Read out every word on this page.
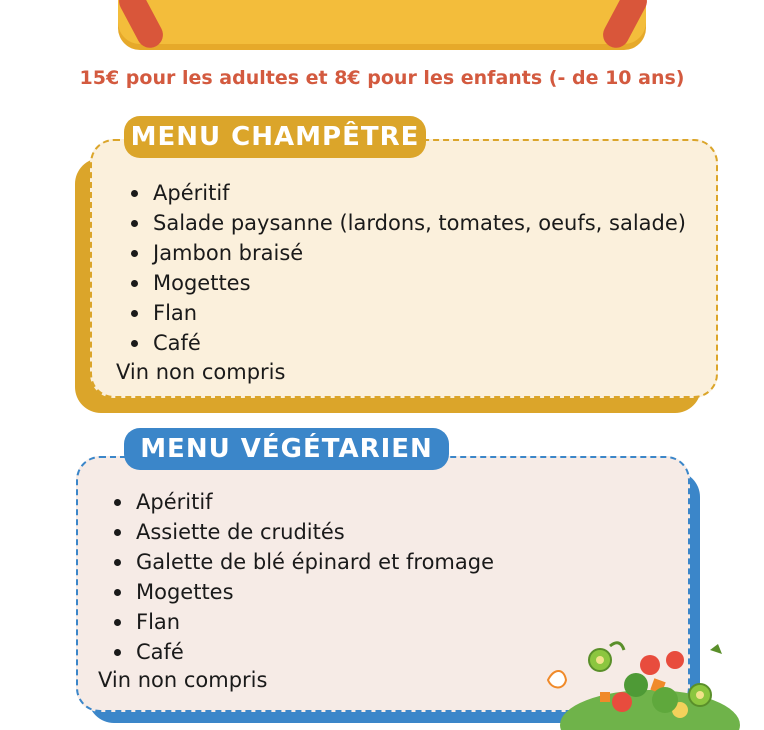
15€ pour les adultes et 8€ pour les enfants (- de 10 ans)
MENU CHAMPÊTRE
Apéritif
Salade paysanne (lardons, tomates, oeufs, salade)
Jambon braisé
Mogettes
Flan
Café
Vin non compris
MENU VÉGÉTARIEN
Apéritif
Assiette de crudités
Galette de blé épinard et fromage
Mogettes
Flan
Café
Vin non compris
